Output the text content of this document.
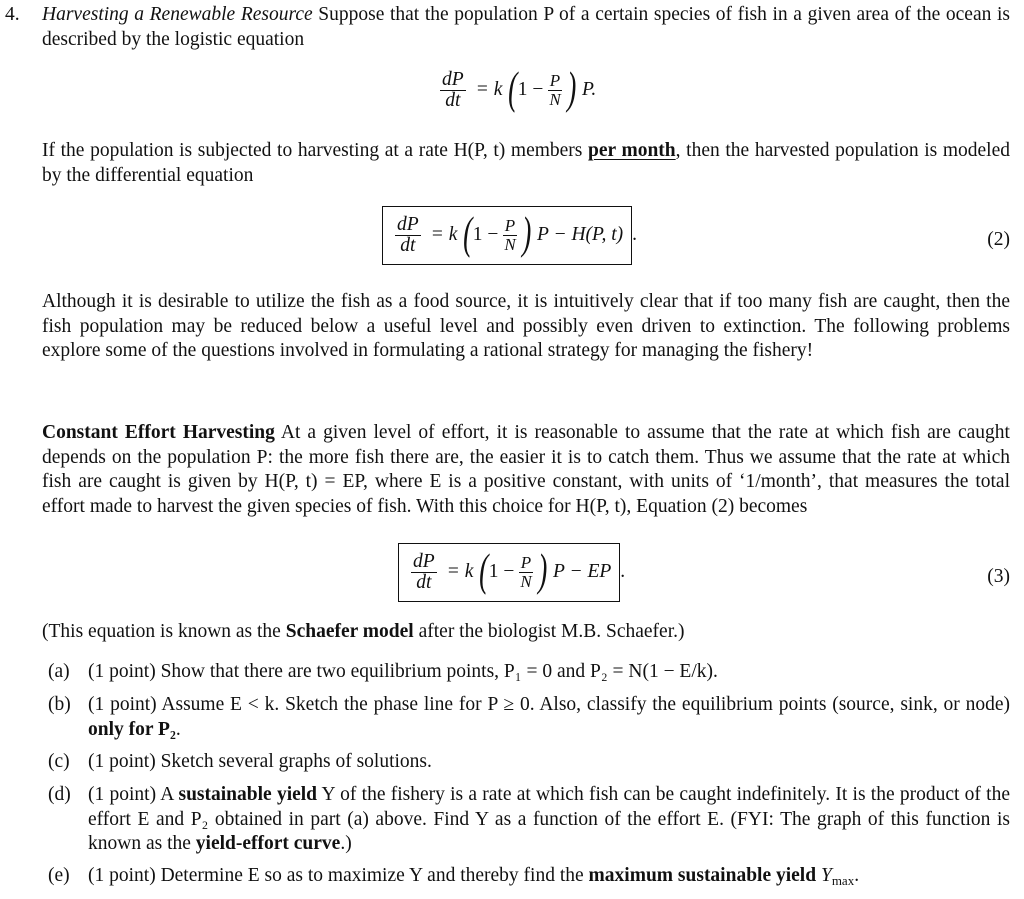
4. Harvesting a Renewable Resource Suppose that the population P of a certain species of fish in a given area of the ocean is described by the logistic equation
$\frac{dP}{dt} = k$ ( $1 - \frac{P}{N}$ ) P.
If the population is subjected to harvesting at a rate H(P, t) members per month, then the harvested population is modeled by the differential equation
$\frac{dP}{dt} = k$ ( $1 - \frac{P}{N}$ ) P − H(P, t) .	(2)
Although it is desirable to utilize the fish as a food source, it is intuitively clear that if too many fish are caught, then the fish population may be reduced below a useful level and possibly even driven to extinction. The following problems explore some of the questions involved in formulating a rational strategy for managing the fishery!
Constant Effort Harvesting At a given level of effort, it is reasonable to assume that the rate at which fish are caught depends on the population P: the more fish there are, the easier it is to catch them. Thus we assume that the rate at which fish are caught is given by H(P, t) = EP, where E is a positive constant, with units of ‘1/month’, that measures the total effort made to harvest the given species of fish. With this choice for H(P, t), Equation (2) becomes
$\frac{dP}{dt} = k$ ( $1 - \frac{P}{N}$ ) P − EP .	(3)
(This equation is known as the Schaefer model after the biologist M.B. Schaefer.)
(a) (1 point) Show that there are two equilibrium points, P₁ = 0 and P₂ = N(1 − E/k).
(b) (1 point) Assume E < k. Sketch the phase line for P ≥ 0. Also, classify the equilibrium points (source, sink, or node) only for P₂.
(c) (1 point) Sketch several graphs of solutions.
(d) (1 point) A sustainable yield Y of the fishery is a rate at which fish can be caught indefinitely. It is the product of the effort E and P₂ obtained in part (a) above. Find Y as a function of the effort E. (FYI: The graph of this function is known as the yield-effort curve.)
(e) (1 point) Determine E so as to maximize Y and thereby find the maximum sustainable yield $Y_{max}$.
